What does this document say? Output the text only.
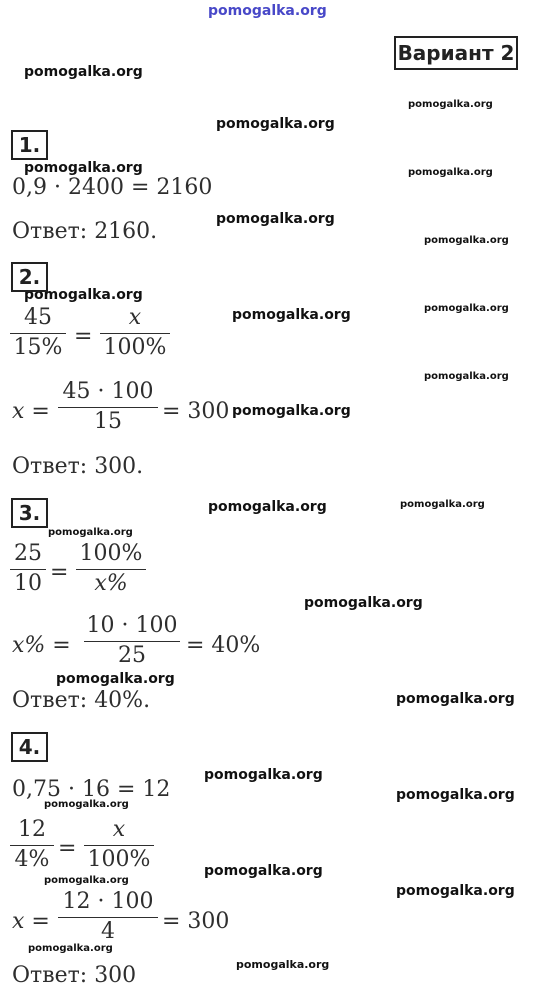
pomogalka.org
pomogalka.org
pomogalka.org
pomogalka.org
pomogalka.org	pomogalka.org
pomogalka.org
pomogalka.org
pomogalka.org
pomogalka.org
pomogalka.org
pomogalka.org
pomogalka.org
pomogalka.org	pomogalka.org
pomogalka.org
pomogalka.org
pomogalka.org
pomogalka.org
pomogalka.org
pomogalka.org
pomogalka.org
pomogalka.org
pomogalka.org
pomogalka.org
pomogalka.org
pomogalka.org
Вариант 2
1.
0,9 · 2400 = 2160
Ответ: 2160.
2.
45
15% =
x
100%
x =
45 · 100
15	= 300
Ответ: 300.
3.
25
10 =
100%
x%
x% =
10 · 100
25	= 40%
Ответ: 40%.
4.
0,75 · 16 = 12
12
4% =
x
100%
x =
12 · 100
4	= 300
Ответ: 300
